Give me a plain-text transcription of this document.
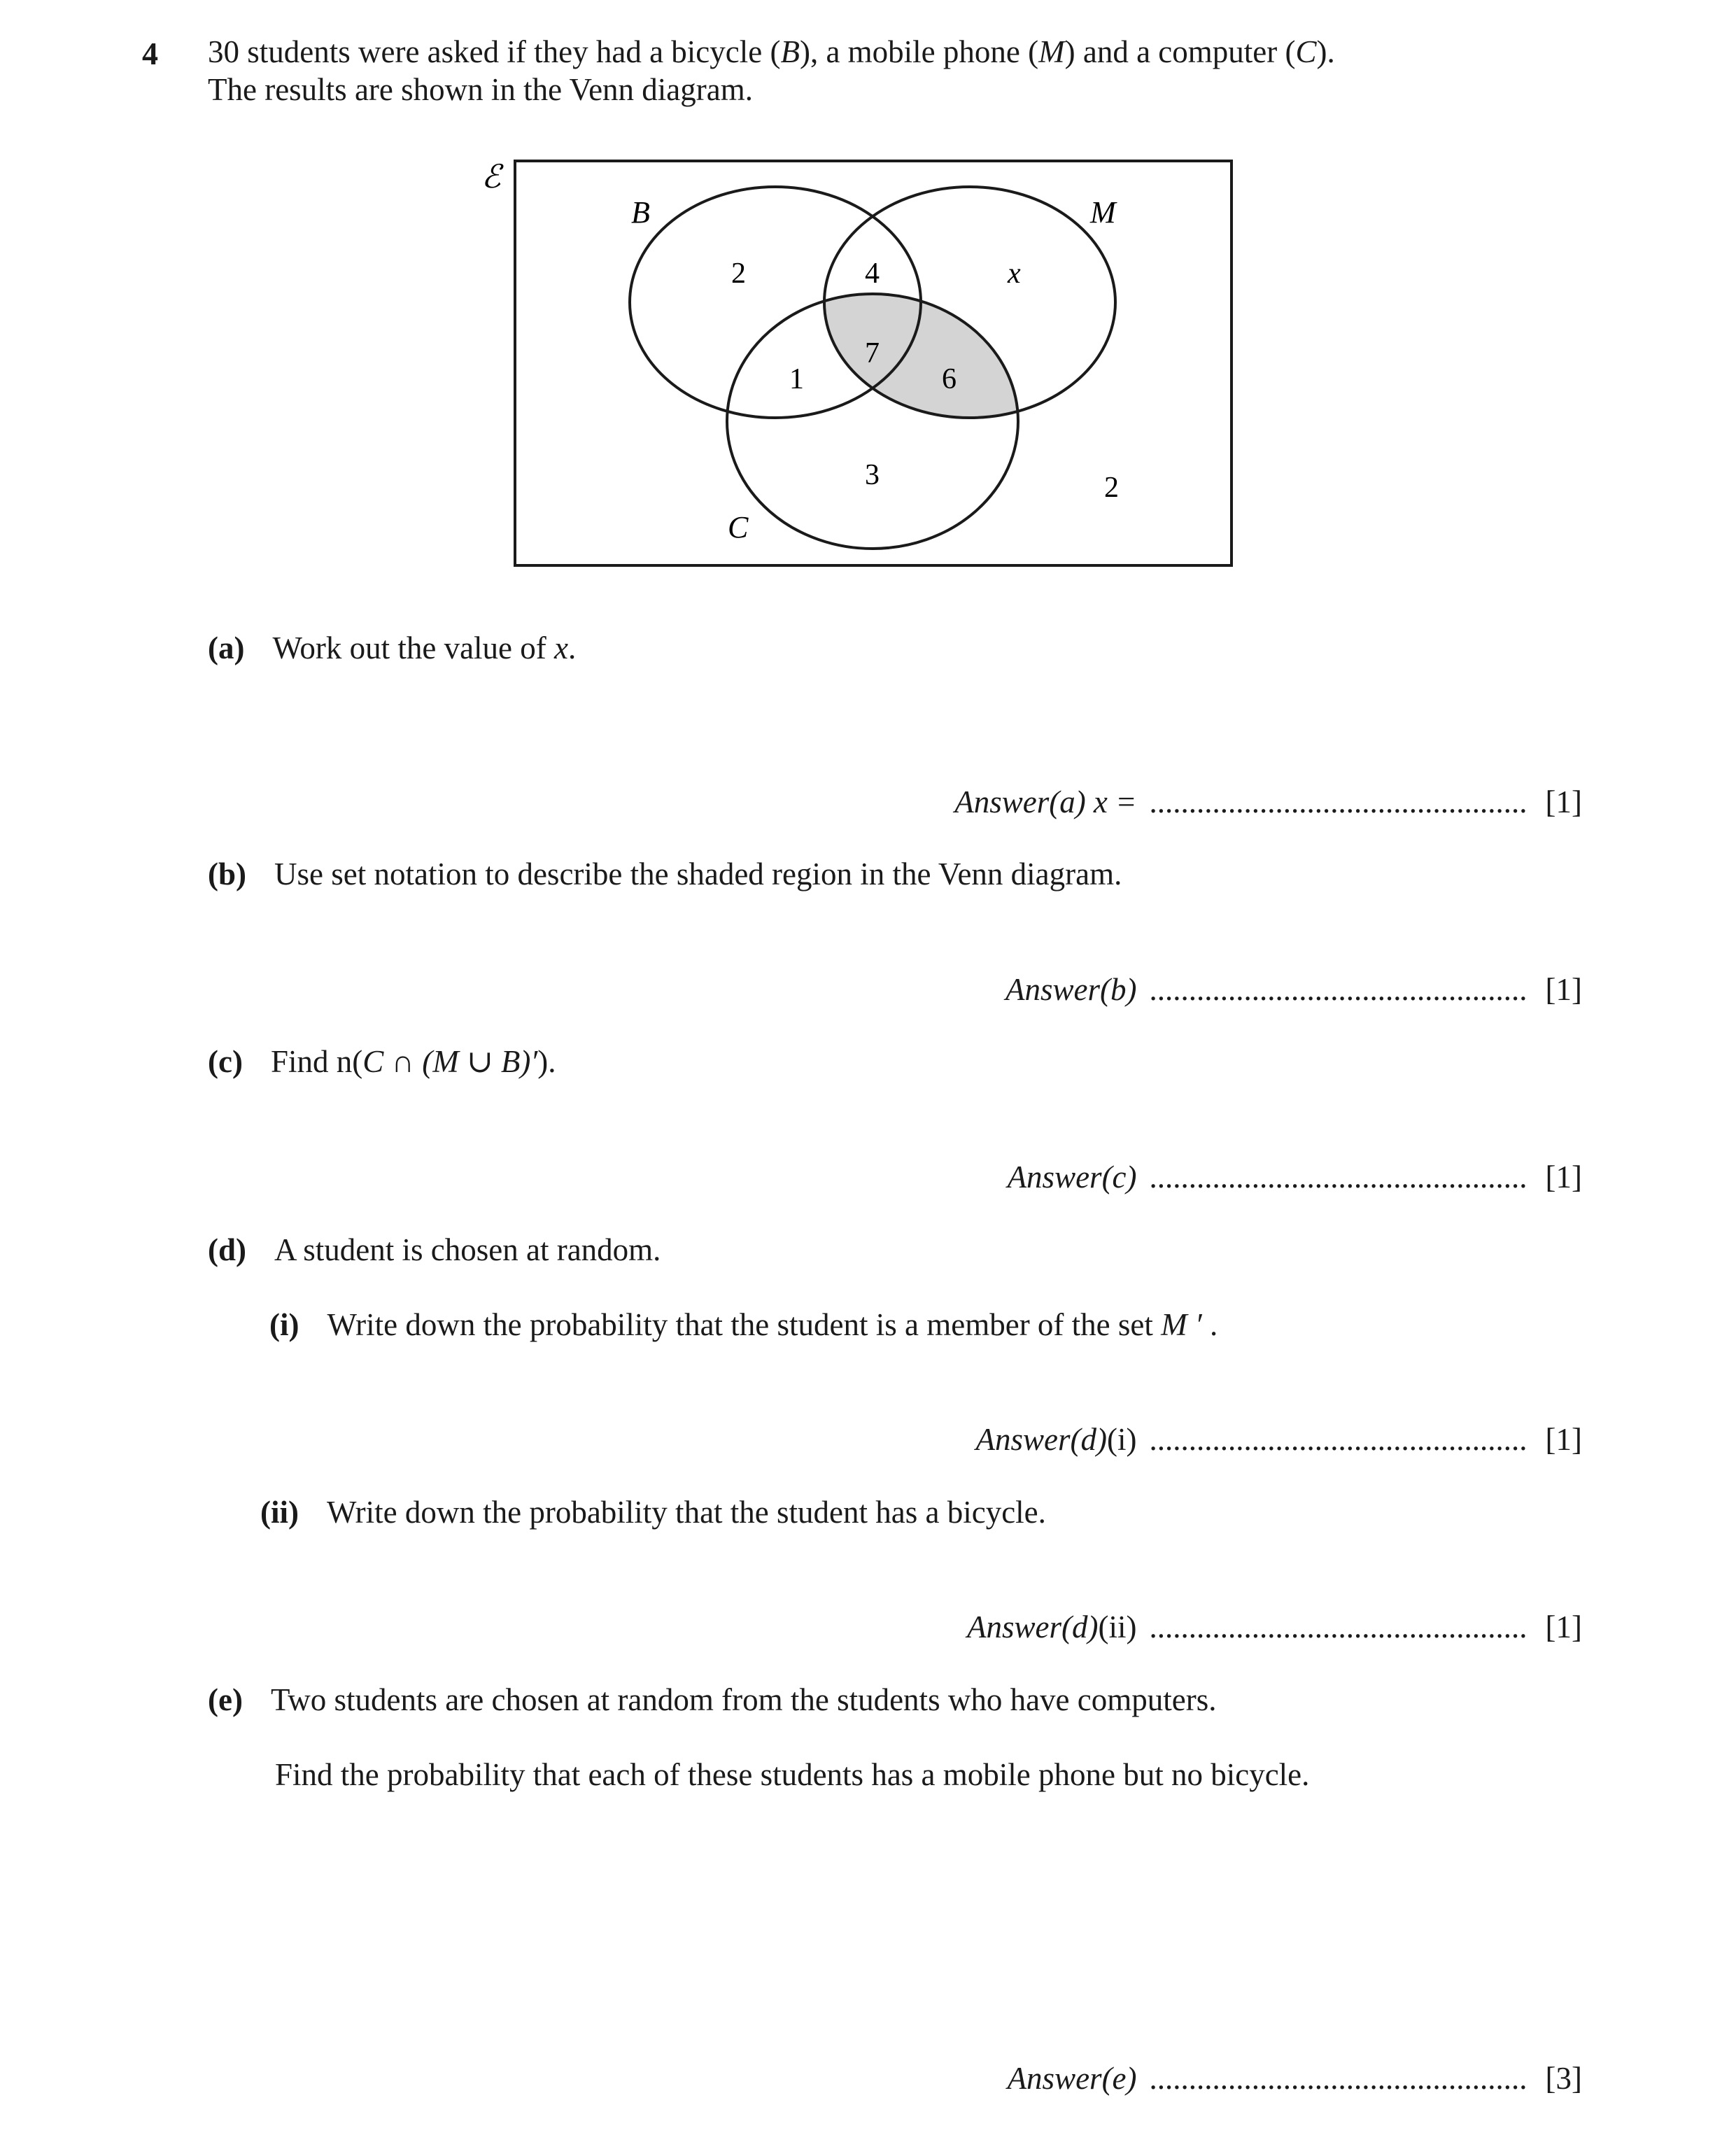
4 30 students were asked if they had a bicycle (B), a mobile phone (M) and a computer (C).
The results are shown in the Venn diagram.
ℰ
B	M
C
2	4	x
7
1	6
3	2
(a) Work out the value of x.
Answer(a) x = ................................................ [1]
(b) Use set notation to describe the shaded region in the Venn diagram.
Answer(b) ................................................ [1]
(c) Find n(C ∩ (M ∪ B)′).
Answer(c) ................................................ [1]
(d) A student is chosen at random.
(i) Write down the probability that the student is a member of the set M ′ .
Answer(d)(i) ................................................ [1]
(ii) Write down the probability that the student has a bicycle.
Answer(d)(ii) ................................................ [1]
(e) Two students are chosen at random from the students who have computers.
Find the probability that each of these students has a mobile phone but no bicycle.
Answer(e) ................................................ [3]
